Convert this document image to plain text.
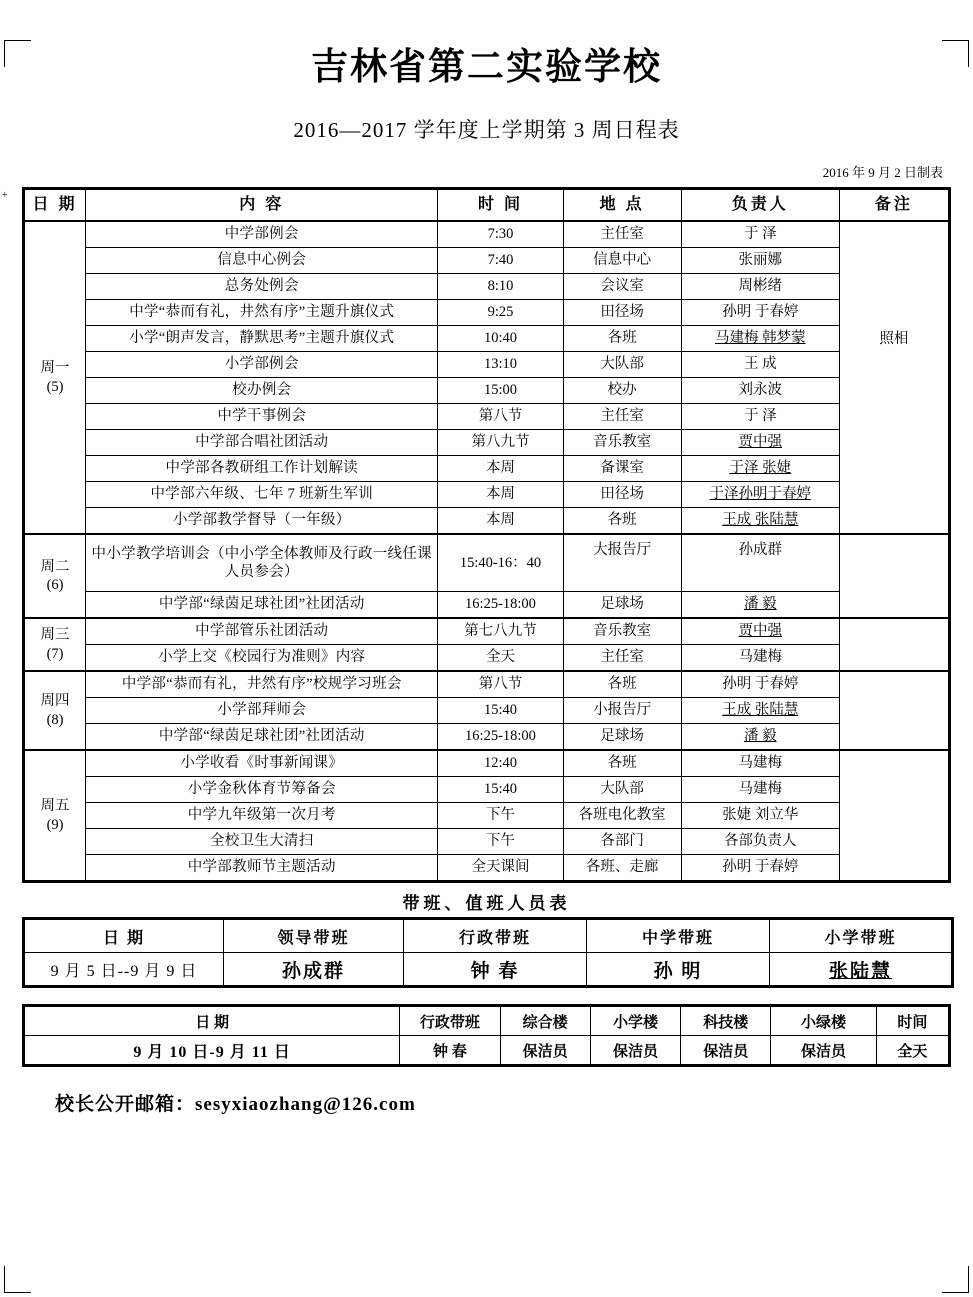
+
吉林省第二实验学校
2016—2017 学年度上学期第 3 周日程表
2016 年 9 月 2 日制表
日 期	内 容	时 间	地 点	负责人	备注
周一
(5)	中学部例会	7:30	主任室	于 泽	照相
	信息中心例会	7:40	信息中心	张丽娜	
	总务处例会	8:10	会议室	周彬绪	
	中学“恭而有礼，井然有序”主题升旗仪式	9:25	田径场	孙明 于春婷	
	小学“朗声发言，静默思考”主题升旗仪式	10:40	各班	马建梅 韩梦蒙	
	小学部例会	13:10	大队部	王 成	
	校办例会	15:00	校办	刘永波	
	中学干事例会	第八节	主任室	于 泽	
	中学部合唱社团活动	第八九节	音乐教室	贾中强	
	中学部各教研组工作计划解读	本周	备课室	于泽 张婕	
	中学部六年级、七年 7 班新生军训	本周	田径场	于泽孙明于春婷	
	小学部教学督导（一年级）	本周	各班	王成 张陆慧	
周二
(6)	中小学教学培训会（中小学全体教师及行政一线任课人员参会）	15:40-16：40	大报告厅	孙成群	
	中学部“绿茵足球社团”社团活动	16:25-18:00	足球场	潘 毅	
周三
(7)	中学部管乐社团活动	第七八九节	音乐教室	贾中强	
	小学上交《校园行为准则》内容	全天	主任室	马建梅	
周四
(8)	中学部“恭而有礼，井然有序”校规学习班会	第八节	各班	孙明 于春婷	
	小学部拜师会	15:40	小报告厅	王成 张陆慧	
	中学部“绿茵足球社团”社团活动	16:25-18:00	足球场	潘 毅	
周五
(9)	小学收看《时事新闻课》	12:40	各班	马建梅	
	小学金秋体育节筹备会	15:40	大队部	马建梅	
	中学九年级第一次月考	下午	各班电化教室	张婕 刘立华	
	全校卫生大清扫	下午	各部门	各部负责人	
	中学部教师节主题活动	全天课间	各班、走廊	孙明 于春婷	
带班、值班人员表
日 期	领导带班	行政带班	中学带班	小学带班
9 月 5 日--9 月 9 日	孙成群	钟 春	孙 明	张陆慧
日 期	行政带班	综合楼	小学楼	科技楼	小绿楼	时间
9 月 10 日-9 月 11 日	钟 春	保洁员	保洁员	保洁员	保洁员	全天
校长公开邮箱：sesyxiaozhang@126.com
